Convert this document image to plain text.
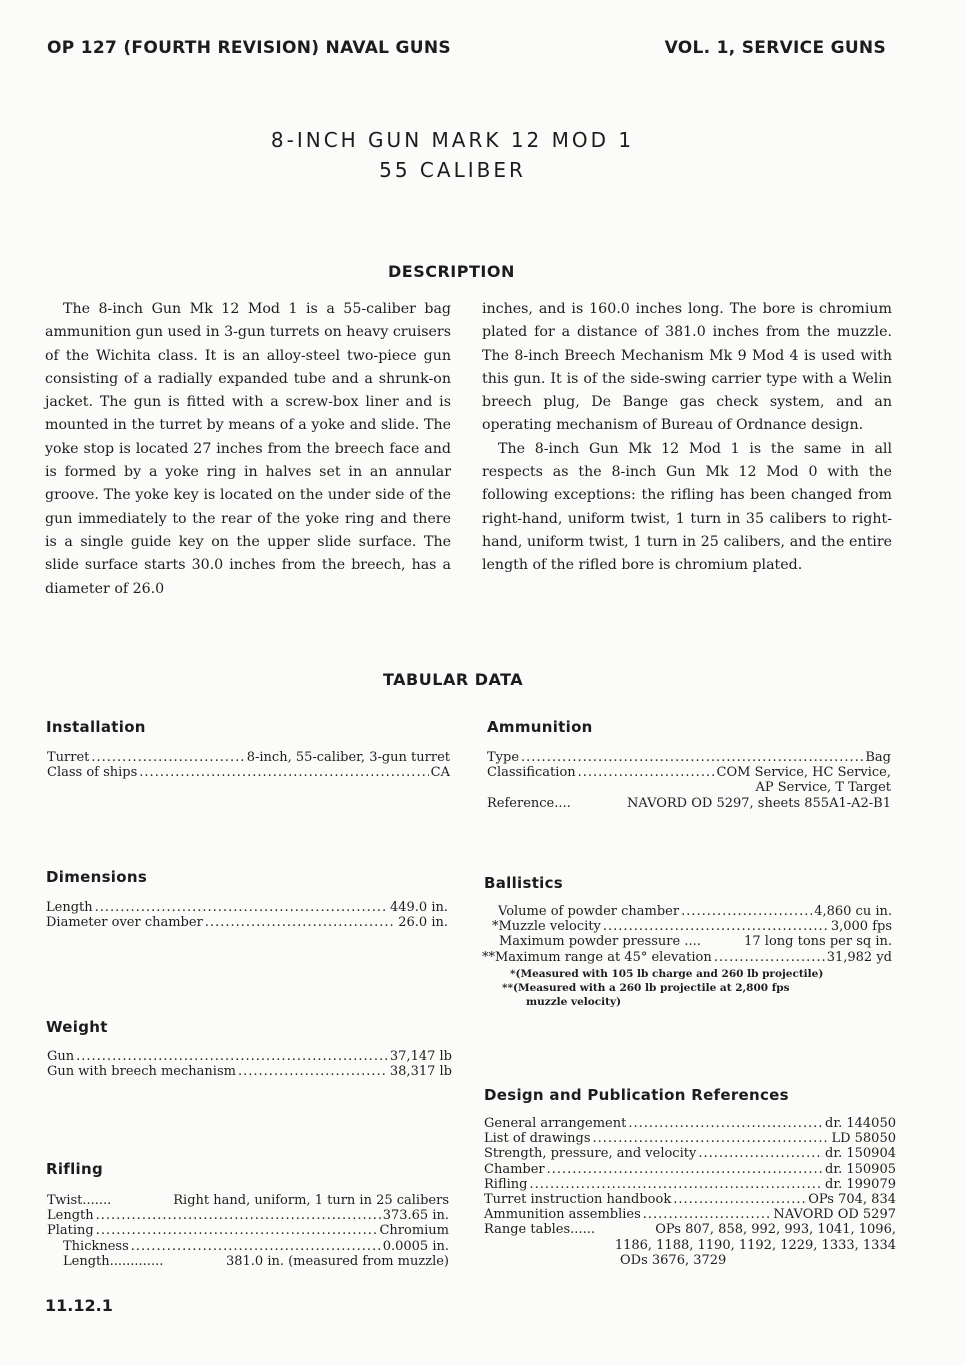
OP 127 (FOURTH REVISION) NAVAL GUNS	VOL. 1, SERVICE GUNS
8-INCH GUN MARK 12 MOD 1
55 CALIBER
DESCRIPTION

The 8-inch Gun Mk 12 Mod 1 is a 55-caliber bag ammunition gun used in 3-gun turrets on heavy cruisers of the Wichita class. It is an alloy-steel two-piece gun consisting of a radially expanded tube and a shrunk-on jacket. The gun is fitted with a screw-box liner and is mounted in the turret by means of a yoke and slide. The yoke stop is located 27 inches from the breech face and is formed by a yoke ring in halves set in an annular groove. The yoke key is located on the under side of the gun immediately to the rear of the yoke ring and there is a single guide key on the upper slide surface. The slide surface starts 30.0 inches from the breech, has a diameter of 26.0

inches, and is 160.0 inches long. The bore is chromium plated for a distance of 381.0 inches from the muzzle. The 8-inch Breech Mechanism Mk 9 Mod 4 is used with this gun. It is of the side-swing carrier type with a Welin breech plug, De Bange gas check system, and an operating mechanism of Bureau of Ordnance design.

The 8-inch Gun Mk 12 Mod 1 is the same in all respects as the 8-inch Gun Mk 12 Mod 0 with the following exceptions: the rifling has been changed from right-hand, uniform twist, 1 turn in 35 calibers to right-hand, uniform twist, 1 turn in 25 calibers, and the entire length of the rifled bore is chromium plated.

TABULAR DATA
Installation
Turret .....	8-inch, 55-caliber, 3-gun turret
Class of ships .....	CA
Dimensions
Length .....	449.0 in.
Diameter over chamber .....	26.0 in.
Weight
Gun .....	37,147 lb
Gun with breech mechanism .....	38,317 lb
Rifling
Twist.......	Right hand, uniform, 1 turn in 25 calibers
Length .....	373.65 in.
Plating .....	Chromium
Thickness .....	0.0005 in.
Length.............	381.0 in. (measured from muzzle)
Ammunition
Type .....	Bag
Classification .....	COM Service, HC Service,
AP Service, T Target
Reference....	NAVORD OD 5297, sheets 855A1-A2-B1
Ballistics
Volume of powder chamber .....	4,860 cu in.
*Muzzle velocity .....	3,000 fps
Maximum powder pressure ....	17 long tons per sq in.
**Maximum range at 45° elevation .....	31,982 yd
*(Measured with 105 lb charge and 260 lb projectile)
**(Measured with a 260 lb projectile at 2,800 fps
muzzle velocity)
Design and Publication References
General arrangement .....	dr. 144050
List of drawings .....	LD 58050
Strength, pressure, and velocity .....	dr. 150904
Chamber .....	dr. 150905
Rifling .....	dr. 199079
Turret instruction handbook .....	OPs 704, 834
Ammunition assemblies .....	NAVORD OD 5297
Range tables......	OPs 807, 858, 992, 993, 1041, 1096,
1186, 1188, 1190, 1192, 1229, 1333, 1334
ODs 3676, 3729
11.12.1
